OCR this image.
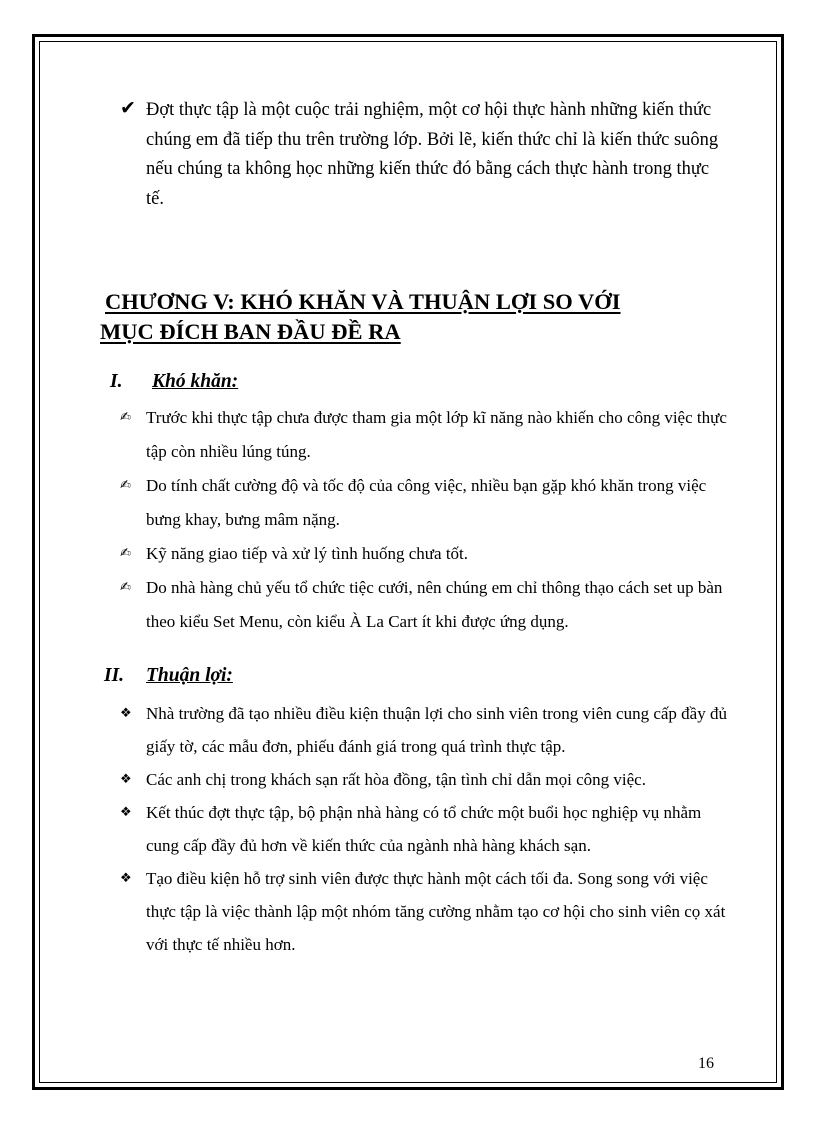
✔ Đợt thực tập là một cuộc trải nghiệm, một cơ hội thực hành những kiến thức chúng em đã tiếp thu trên trường lớp. Bởi lẽ, kiến thức chỉ là kiến thức suông nếu chúng ta không học những kiến thức đó bằng cách thực hành trong thực tế.

CHƯƠNG V: KHÓ KHĂN VÀ THUẬN LỢI SO VỚI
MỤC ĐÍCH BAN ĐẦU ĐỀ RA
I. Khó khăn:
✍ Trước khi thực tập chưa được tham gia một lớp kĩ năng nào khiến cho công việc thực tập còn nhiều lúng túng.
✍ Do tính chất cường độ và tốc độ của công việc, nhiều bạn gặp khó khăn trong việc bưng khay, bưng mâm nặng.
✍ Kỹ năng giao tiếp và xử lý tình huống chưa tốt.
✍ Do nhà hàng chủ yếu tổ chức tiệc cưới, nên chúng em chỉ thông thạo cách set up bàn theo kiểu Set Menu, còn kiểu À La Cart ít khi được ứng dụng.
II. Thuận lợi:
❖ Nhà trường đã tạo nhiều điều kiện thuận lợi cho sinh viên trong viên cung cấp đầy đủ giấy tờ, các mẫu đơn, phiếu đánh giá trong quá trình thực tập.
❖ Các anh chị trong khách sạn rất hòa đồng, tận tình chỉ dẫn mọi công việc.
❖ Kết thúc đợt thực tập, bộ phận nhà hàng có tổ chức một buổi học nghiệp vụ nhằm cung cấp đầy đủ hơn về kiến thức của ngành nhà hàng khách sạn.
❖ Tạo điều kiện hỗ trợ sinh viên được thực hành một cách tối đa. Song song với việc thực tập là việc thành lập một nhóm tăng cường nhằm tạo cơ hội cho sinh viên cọ xát với thực tế nhiều hơn.
16
